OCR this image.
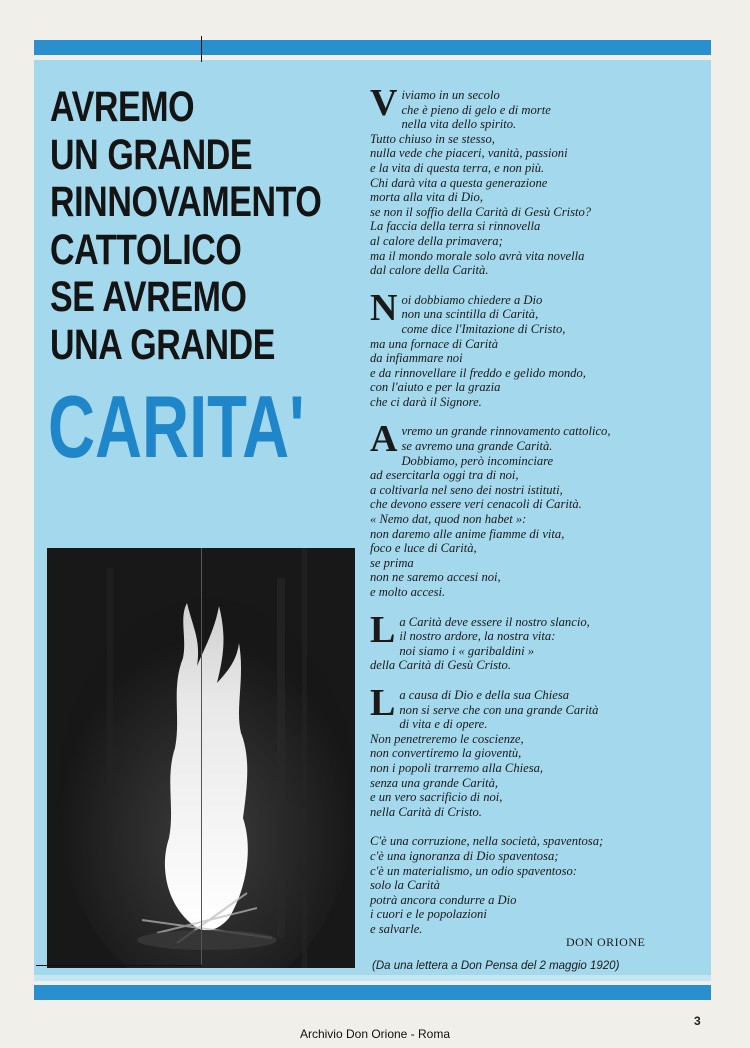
AVREMO
UN GRANDE
RINNOVAMENTO
CATTOLICO
SE AVREMO
UNA GRANDE
CARITA'
V iviamo in un secolo
che è pieno di gelo e di morte
nella vita dello spirito.
Tutto chiuso in se stesso,
nulla vede che piaceri, vanità, passioni
e la vita di questa terra, e non più.
Chi darà vita a questa generazione
morta alla vita di Dio,
se non il soffio della Carità di Gesù Cristo?
La faccia della terra si rinnovella
al calore della primavera;
ma il mondo morale solo avrà vita novella
dal calore della Carità.
N oi dobbiamo chiedere a Dio
non una scintilla di Carità,
come dice l'Imitazione di Cristo,
ma una fornace di Carità
da infiammare noi
e da rinnovellare il freddo e gelido mondo,
con l'aiuto e per la grazia
che ci darà il Signore.
A vremo un grande rinnovamento cattolico,
se avremo una grande Carità.
Dobbiamo, però incominciare
ad esercitarla oggi tra di noi,
a coltivarla nel seno dei nostri istituti,
che devono essere veri cenacoli di Carità.
« Nemo dat, quod non habet »:
non daremo alle anime fiamme di vita,
foco e luce di Carità,
se prima
non ne saremo accesi noi,
e molto accesi.
L a Carità deve essere il nostro slancio,
il nostro ardore, la nostra vita:
noi siamo i « garibaldini »
della Carità di Gesù Cristo.
L a causa di Dio e della sua Chiesa
non si serve che con una grande Carità
di vita e di opere.
Non penetreremo le coscienze,
non convertiremo la gioventù,
non i popoli trarremo alla Chiesa,
senza una grande Carità,
e un vero sacrificio di noi,
nella Carità di Cristo.
C'è una corruzione, nella società, spaventosa;
c'è una ignoranza di Dio spaventosa;
c'è un materialismo, un odio spaventoso:
solo la Carità
potrà ancora condurre a Dio
i cuori e le popolazioni
e salvarle.
DON ORIONE
(Da una lettera a Don Pensa del 2 maggio 1920)
3
Archivio Don Orione - Roma
